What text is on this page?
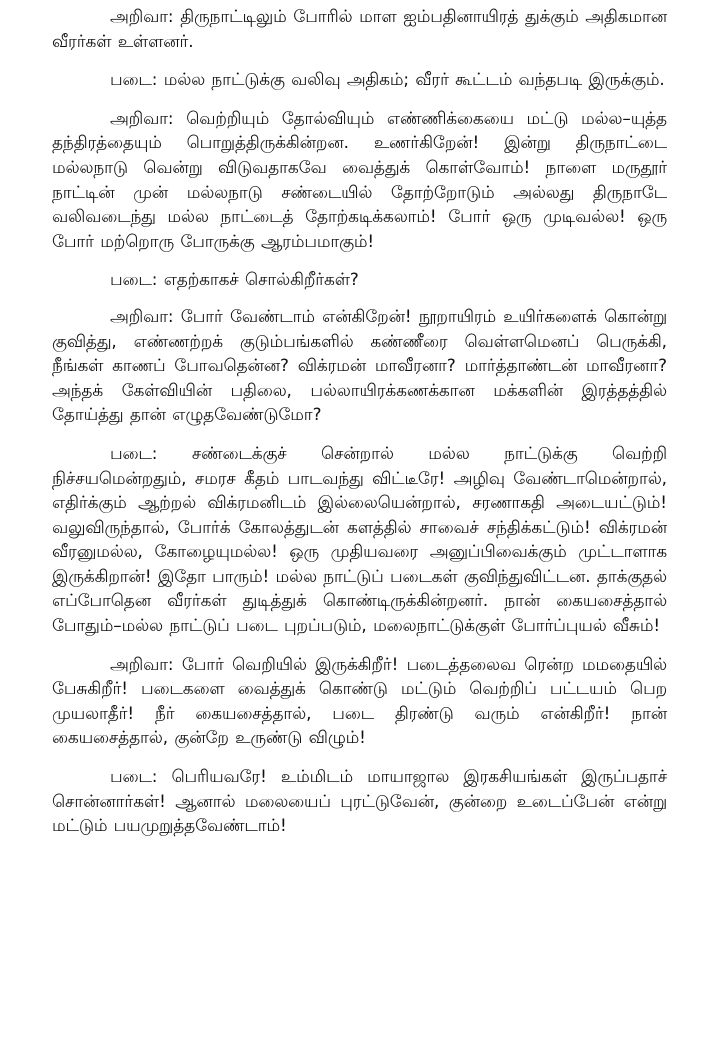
அறிவா: திருநாட்டிலும் போரில் மாள ஐம்பதினாயிரத் துக்கும் அதிகமான வீரர்கள் உள்ளனர்.

படை: மல்ல நாட்டுக்கு வலிவு அதிகம்; வீரர் கூட்டம் வந்தபடி இருக்கும்.

அறிவா: வெற்றியும் தோல்வியும் எண்ணிக்கையை மட்டு மல்ல–யுத்த தந்திரத்தையும் பொறுத்திருக்கின்றன. உணர்கிறேன்! இன்று திருநாட்டை மல்லநாடு வென்று விடுவதாகவே வைத்துக் கொள்வோம்! நாளை மருதூர் நாட்டின் முன் மல்லநாடு சண்டையில் தோற்றோடும் அல்லது திருநாடே வலிவடைந்து மல்ல நாட்டைத் தோற்கடிக்கலாம்! போர் ஒரு முடிவல்ல! ஒரு போர் மற்றொரு போருக்கு ஆரம்பமாகும்!

படை: எதற்காகச் சொல்கிறீர்கள்?

அறிவா: போர் வேண்டாம் என்கிறேன்! நூறாயிரம் உயிர்களைக் கொன்று குவித்து, எண்ணற்றக் குடும்பங்களில் கண்ணீரை வெள்ளமெனப் பெருக்கி, நீங்கள் காணப் போவதென்ன? விக்ரமன் மாவீரனா? மார்த்தாண்டன் மாவீரனா? அந்தக் கேள்வியின் பதிலை, பல்லாயிரக்கணக்கான மக்களின் இரத்தத்தில் தோய்த்து தான் எழுதவேண்டுமோ?

படை: சண்டைக்குச் சென்றால் மல்ல நாட்டுக்கு வெற்றி நிச்சயமென்றதும், சமரச கீதம் பாடவந்து விட்டீரே! அழிவு வேண்டாமென்றால், எதிர்க்கும் ஆற்றல் விக்ரமனிடம் இல்லையென்றால், சரணாகதி அடையட்டும்! வலுவிருந்தால், போர்க் கோலத்துடன் களத்தில் சாவைச் சந்திக்கட்டும்! விக்ரமன் வீரனுமல்ல, கோழையுமல்ல! ஒரு முதியவரை அனுப்பிவைக்கும் முட்டாளாக இருக்கிறான்! இதோ பாரும்! மல்ல நாட்டுப் படைகள் குவிந்துவிட்டன. தாக்குதல் எப்போதென வீரர்கள் துடித்துக் கொண்டிருக்கின்றனர். நான் கையசைத்தால் போதும்–மல்ல நாட்டுப் படை புறப்படும், மலைநாட்டுக்குள் போர்ப்புயல் வீசும்!

அறிவா: போர் வெறியில் இருக்கிறீர்! படைத்தலைவ ரென்ற மமதையில் பேசுகிறீர்! படைகளை வைத்துக் கொண்டு மட்டும் வெற்றிப் பட்டயம் பெற முயலாதீர்! நீர் கையசைத்தால், படை திரண்டு வரும் என்கிறீர்! நான் கையசைத்தால், குன்றே உருண்டு விழும்!

படை: பெரியவரே! உம்மிடம் மாயாஜால இரகசியங்கள் இருப்பதாச் சொன்னார்கள்! ஆனால் மலையைப் புரட்டுவேன், குன்றை உடைப்பேன் என்று மட்டும் பயமுறுத்தவேண்டாம்!
